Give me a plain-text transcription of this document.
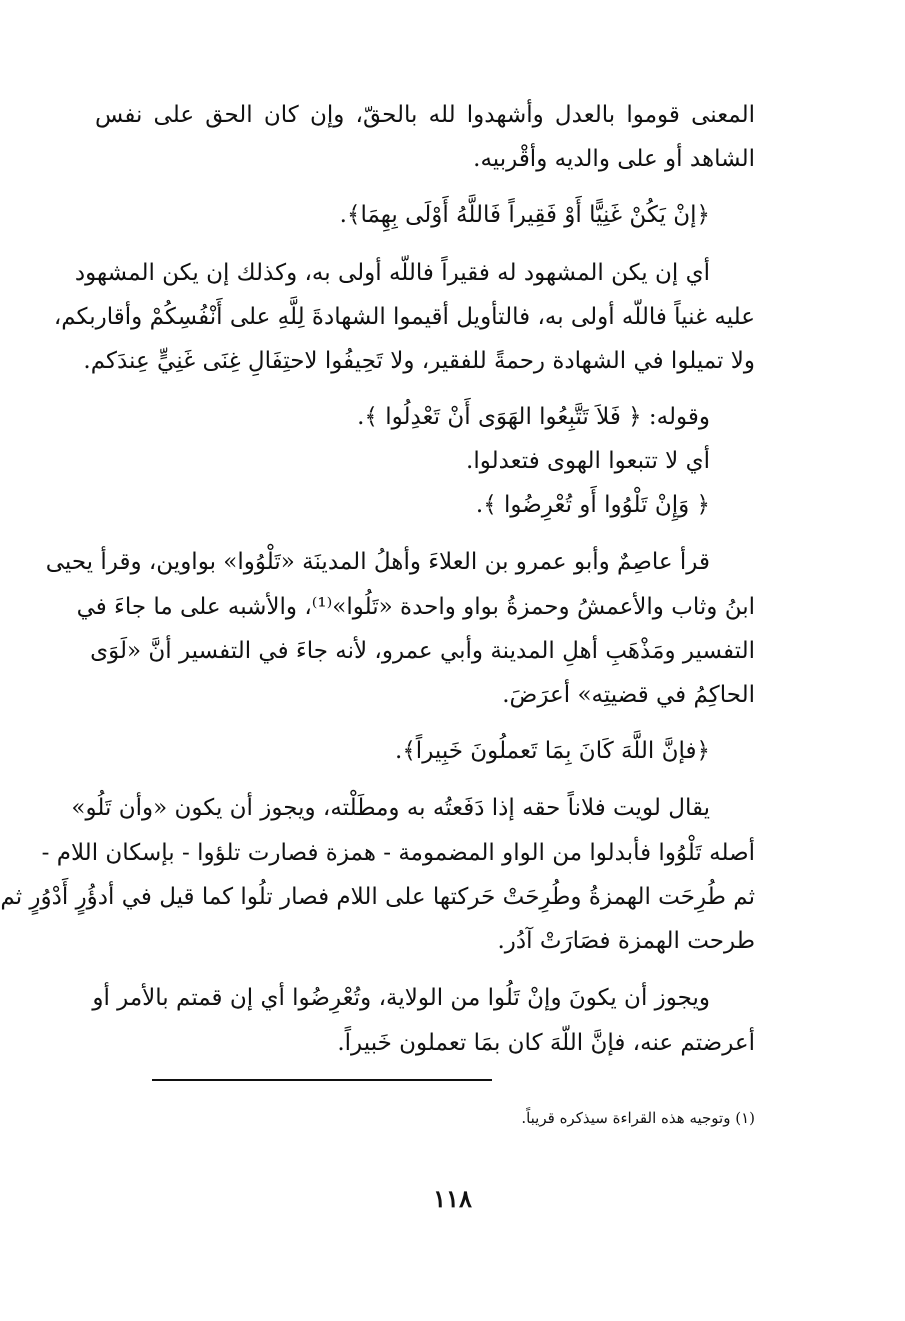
المعنى قوموا بالعدل وأشهدوا لله بالحقّ، وإن كان الحق على نفس
الشاهد أو على والديه وأقْربيه.
﴿إنْ يَكُنْ غَنِيًّا أَوْ فَقِيراً فَاللَّهُ أَوْلَى بِهِمَا﴾.
أي إن يكن المشهود له فقيراً فاللّه أولى به، وكذلك إن يكن المشهود
عليه غنياً فاللّه أولى به، فالتأويل أقيموا الشهادةَ لِلَّهِ على أَنْفُسِكُمْ وأقاربكم،
ولا تميلوا في الشهادة رحمةً للفقير، ولا تَحِيفُوا لاحتِفَالِ غِنَى غَنِيٍّ عِندَكم.
وقوله: ﴿ فَلاَ تَتَّبِعُوا الهَوَى أَنْ تَعْدِلُوا ﴾.
أي لا تتبعوا الهوى فتعدلوا.
﴿ وَإِنْ تَلْوُوا أَو تُعْرِضُوا ﴾.
قرأ عاصِمٌ وأبو عمرو بن العلاءَ وأهلُ المدينَة «تَلْوُوا» بواوين، وقرأ يحيى
ابنُ وثاب والأعمشُ وحمزةُ بواو واحدة «تَلُوا»⁽¹⁾، والأشبه على ما جاءَ في
التفسير ومَذْهَبِ أهلِ المدينة وأبي عمرو، لأنه جاءَ في التفسير أنَّ «لَوَى
الحاكِمُ في قضيتِه» أعرَضَ.
﴿فإنَّ اللَّهَ كَانَ بِمَا تَعملُونَ خَبِيراً﴾.
يقال لويت فلاناً حقه إذا دَفَعتُه به ومطَلْته، ويجوز أن يكون «وأن تَلُو»
أصله تَلْوُوا فأبدلوا من الواو المضمومة - همزة فصارت تلؤوا - بإسكان اللام -
ثم طُرِحَت الهمزةُ وطُرِحَتْ حَركتها على اللام فصار تلُوا كما قيل في أدؤُرٍ أَدْوُرٍ ثم
طرحت الهمزة فصَارَتْ آدُر.
ويجوز أن يكونَ وإنْ تَلُوا من الولاية، وتُعْرِضُوا أي إن قمتم بالأمر أو
أعرضتم عنه، فإنَّ اللّهَ كان بمَا تعملون خَبيراً.
(١) وتوجيه هذه القراءة سيذكره قريباً.
١١٨
